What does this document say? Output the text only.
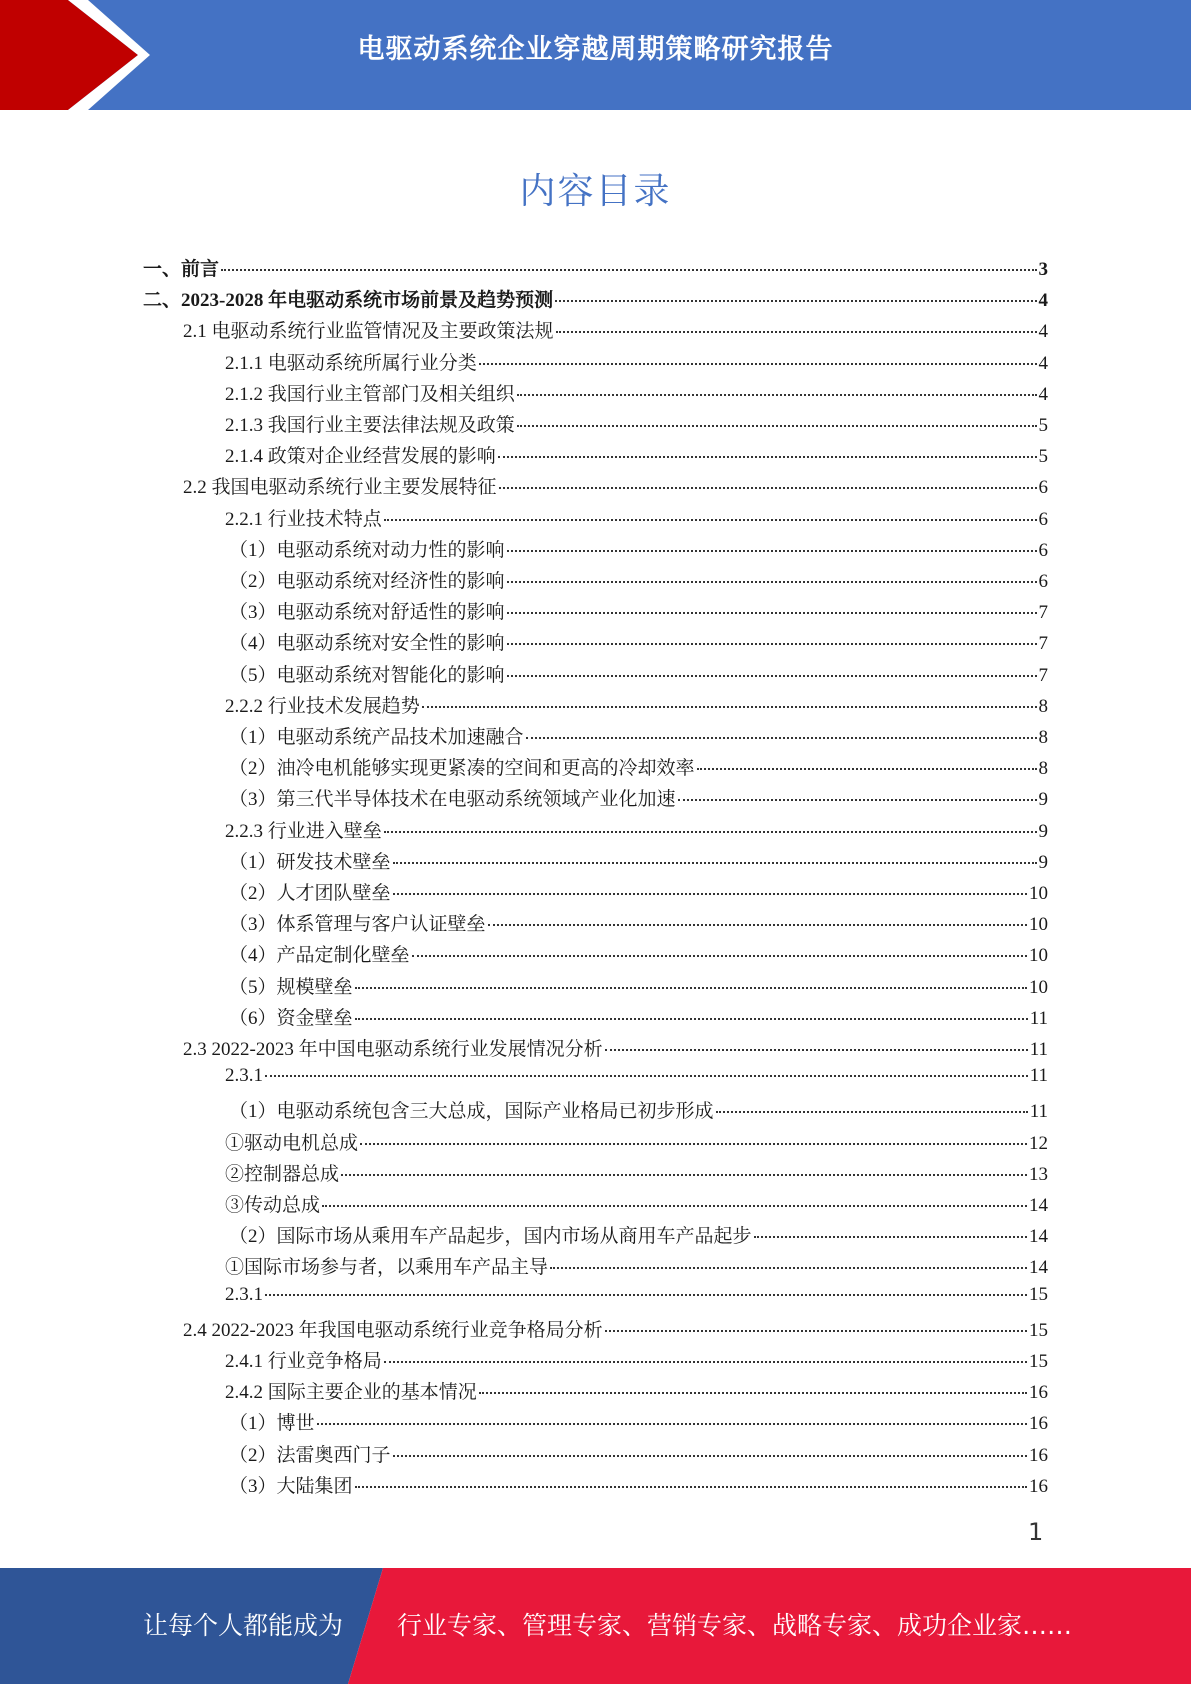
电驱动系统企业穿越周期策略研究报告
内容目录
一、前言	3
二、2023-2028 年电驱动系统市场前景及趋势预测	4
2.1 电驱动系统行业监管情况及主要政策法规	4
2.1.1 电驱动系统所属行业分类	4
2.1.2 我国行业主管部门及相关组织	4
2.1.3 我国行业主要法律法规及政策	5
2.1.4 政策对企业经营发展的影响	5
2.2 我国电驱动系统行业主要发展特征	6
2.2.1 行业技术特点	6
（1）电驱动系统对动力性的影响	6
（2）电驱动系统对经济性的影响	6
（3）电驱动系统对舒适性的影响	7
（4）电驱动系统对安全性的影响	7
（5）电驱动系统对智能化的影响	7
2.2.2 行业技术发展趋势	8
（1）电驱动系统产品技术加速融合	8
（2）油冷电机能够实现更紧凑的空间和更高的冷却效率	8
（3）第三代半导体技术在电驱动系统领域产业化加速	9
2.2.3 行业进入壁垒	9
（1）研发技术壁垒	9
（2）人才团队壁垒	10
（3）体系管理与客户认证壁垒	10
（4）产品定制化壁垒	10
（5）规模壁垒	10
（6）资金壁垒	11
2.3 2022-2023 年中国电驱动系统行业发展情况分析	11
2.3.1	11
（1）电驱动系统包含三大总成，国际产业格局已初步形成	11
①驱动电机总成	12
②控制器总成	13
③传动总成	14
（2）国际市场从乘用车产品起步，国内市场从商用车产品起步	14
①国际市场参与者，以乘用车产品主导	14
2.3.1	15
2.4 2022-2023 年我国电驱动系统行业竞争格局分析	15
2.4.1 行业竞争格局	15
2.4.2 国际主要企业的基本情况	16
（1）博世	16
（2）法雷奥西门子	16
（3）大陆集团	16
1
让每个人都能成为 行业专家、管理专家、营销专家、战略专家、成功企业家……
